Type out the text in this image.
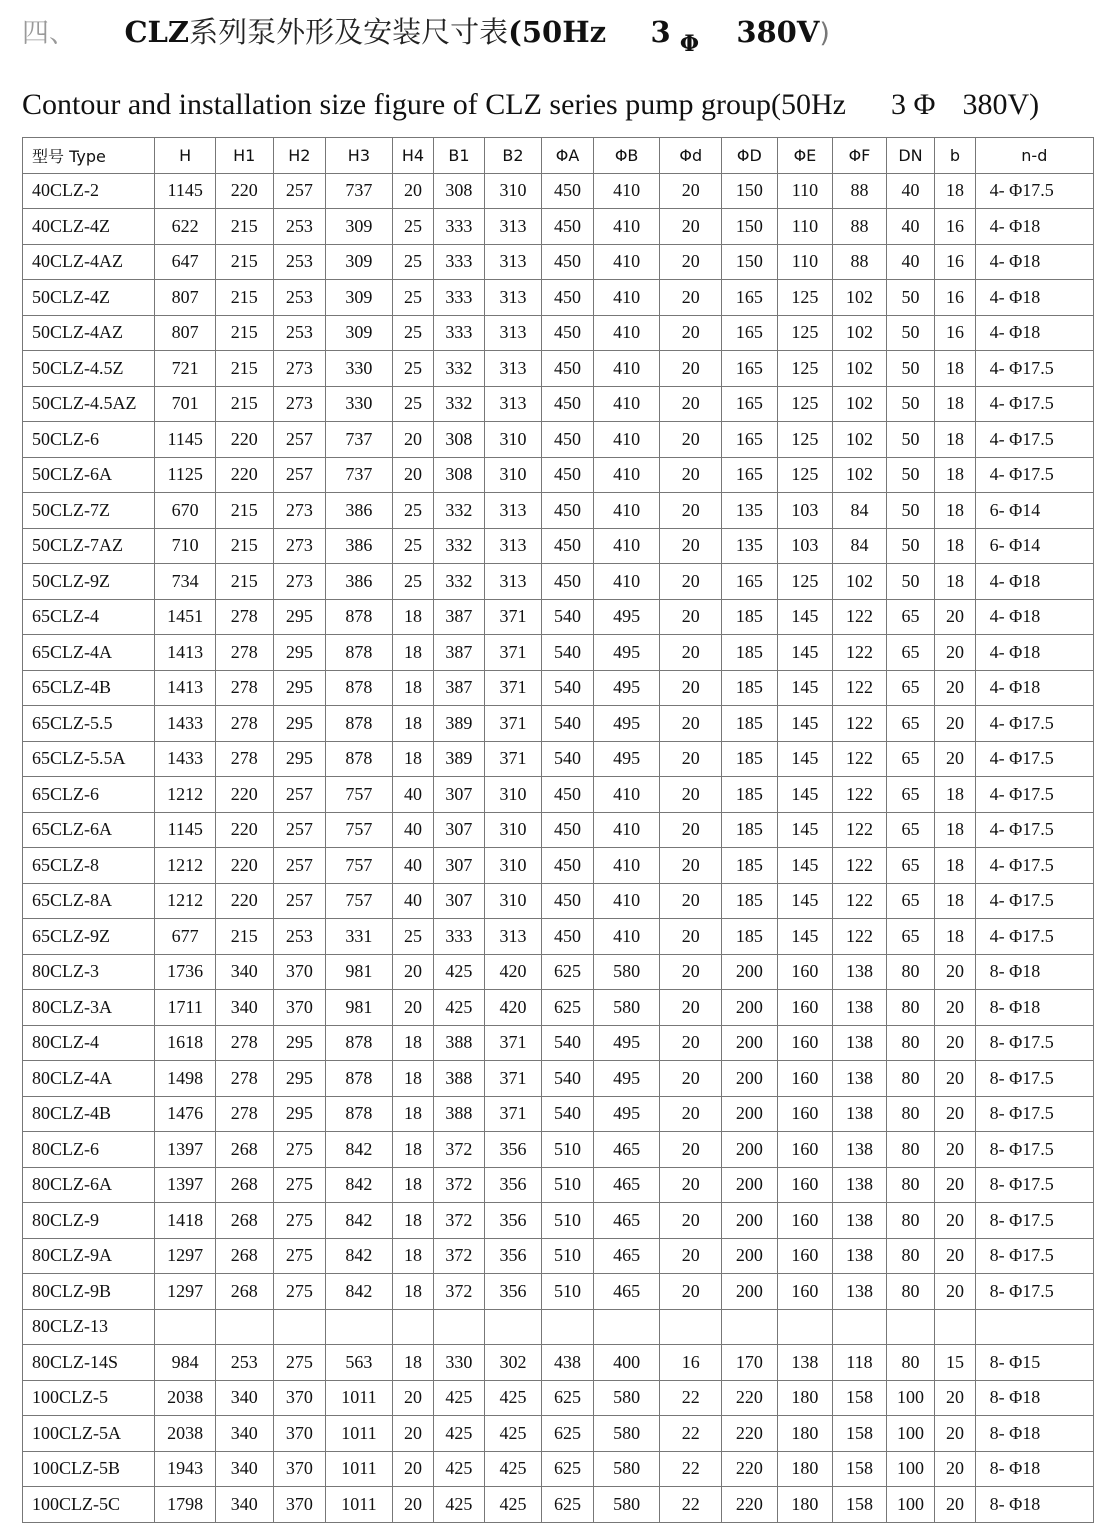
四、 CLZ系列泵外形及安装尺寸表(50Hz 3 $_\Phi$ 380V)
Contour and installation size figure of CLZ series pump group(50Hz 3 Φ 380V)
型号 Type	H	H1	H2	H3	H4	B1	B2	ΦA	ΦB	Φd	ΦD	ΦE	ΦF	DN	b	n-d
40CLZ-2	1145	220	257	737	20	308	310	450	410	20	150	110	88	40	18	4- Φ17.5
40CLZ-4Z	622	215	253	309	25	333	313	450	410	20	150	110	88	40	16	4- Φ18
40CLZ-4AZ	647	215	253	309	25	333	313	450	410	20	150	110	88	40	16	4- Φ18
50CLZ-4Z	807	215	253	309	25	333	313	450	410	20	165	125	102	50	16	4- Φ18
50CLZ-4AZ	807	215	253	309	25	333	313	450	410	20	165	125	102	50	16	4- Φ18
50CLZ-4.5Z	721	215	273	330	25	332	313	450	410	20	165	125	102	50	18	4- Φ17.5
50CLZ-4.5AZ	701	215	273	330	25	332	313	450	410	20	165	125	102	50	18	4- Φ17.5
50CLZ-6	1145	220	257	737	20	308	310	450	410	20	165	125	102	50	18	4- Φ17.5
50CLZ-6A	1125	220	257	737	20	308	310	450	410	20	165	125	102	50	18	4- Φ17.5
50CLZ-7Z	670	215	273	386	25	332	313	450	410	20	135	103	84	50	18	6- Φ14
50CLZ-7AZ	710	215	273	386	25	332	313	450	410	20	135	103	84	50	18	6- Φ14
50CLZ-9Z	734	215	273	386	25	332	313	450	410	20	165	125	102	50	18	4- Φ18
65CLZ-4	1451	278	295	878	18	387	371	540	495	20	185	145	122	65	20	4- Φ18
65CLZ-4A	1413	278	295	878	18	387	371	540	495	20	185	145	122	65	20	4- Φ18
65CLZ-4B	1413	278	295	878	18	387	371	540	495	20	185	145	122	65	20	4- Φ18
65CLZ-5.5	1433	278	295	878	18	389	371	540	495	20	185	145	122	65	20	4- Φ17.5
65CLZ-5.5A	1433	278	295	878	18	389	371	540	495	20	185	145	122	65	20	4- Φ17.5
65CLZ-6	1212	220	257	757	40	307	310	450	410	20	185	145	122	65	18	4- Φ17.5
65CLZ-6A	1145	220	257	757	40	307	310	450	410	20	185	145	122	65	18	4- Φ17.5
65CLZ-8	1212	220	257	757	40	307	310	450	410	20	185	145	122	65	18	4- Φ17.5
65CLZ-8A	1212	220	257	757	40	307	310	450	410	20	185	145	122	65	18	4- Φ17.5
65CLZ-9Z	677	215	253	331	25	333	313	450	410	20	185	145	122	65	18	4- Φ17.5
80CLZ-3	1736	340	370	981	20	425	420	625	580	20	200	160	138	80	20	8- Φ18
80CLZ-3A	1711	340	370	981	20	425	420	625	580	20	200	160	138	80	20	8- Φ18
80CLZ-4	1618	278	295	878	18	388	371	540	495	20	200	160	138	80	20	8- Φ17.5
80CLZ-4A	1498	278	295	878	18	388	371	540	495	20	200	160	138	80	20	8- Φ17.5
80CLZ-4B	1476	278	295	878	18	388	371	540	495	20	200	160	138	80	20	8- Φ17.5
80CLZ-6	1397	268	275	842	18	372	356	510	465	20	200	160	138	80	20	8- Φ17.5
80CLZ-6A	1397	268	275	842	18	372	356	510	465	20	200	160	138	80	20	8- Φ17.5
80CLZ-9	1418	268	275	842	18	372	356	510	465	20	200	160	138	80	20	8- Φ17.5
80CLZ-9A	1297	268	275	842	18	372	356	510	465	20	200	160	138	80	20	8- Φ17.5
80CLZ-9B	1297	268	275	842	18	372	356	510	465	20	200	160	138	80	20	8- Φ17.5
80CLZ-13																
80CLZ-14S	984	253	275	563	18	330	302	438	400	16	170	138	118	80	15	8- Φ15
100CLZ-5	2038	340	370	1011	20	425	425	625	580	22	220	180	158	100	20	8- Φ18
100CLZ-5A	2038	340	370	1011	20	425	425	625	580	22	220	180	158	100	20	8- Φ18
100CLZ-5B	1943	340	370	1011	20	425	425	625	580	22	220	180	158	100	20	8- Φ18
100CLZ-5C	1798	340	370	1011	20	425	425	625	580	22	220	180	158	100	20	8- Φ18
